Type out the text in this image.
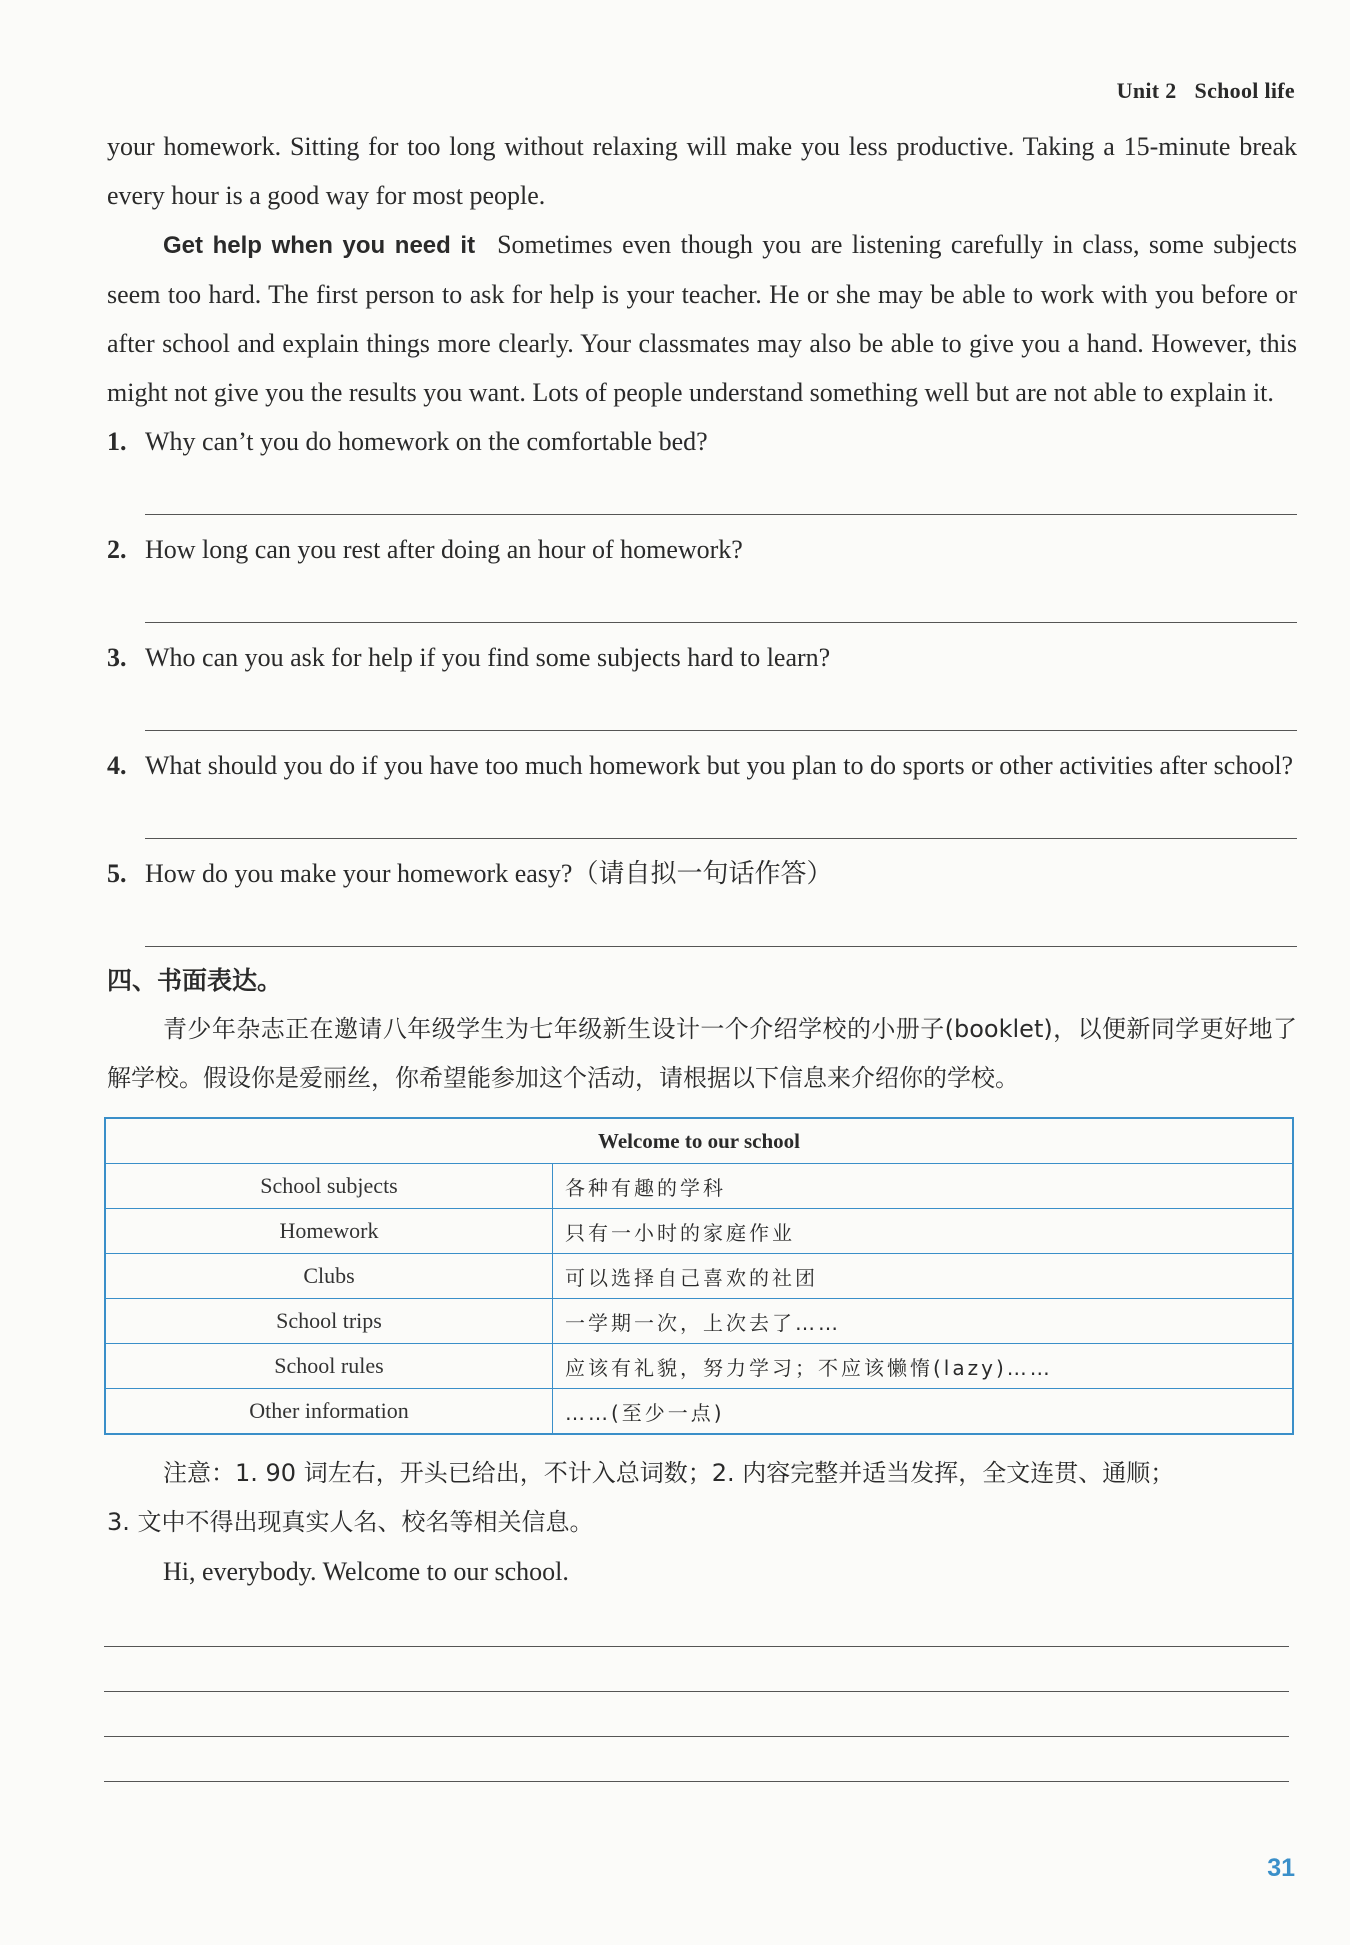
Unit 2 School life

your homework. Sitting for too long without relaxing will make you less productive. Taking a 15-minute break every hour is a good way for most people.

Get help when you need it Sometimes even though you are listening carefully in class, some subjects seem too hard. The first person to ask for help is your teacher. He or she may be able to work with you before or after school and explain things more clearly. Your classmates may also be able to give you a hand. However, this might not give you the results you want. Lots of people understand something well but are not able to explain it.

1. Why can’t you do homework on the comfortable bed?
2. How long can you rest after doing an hour of homework?
3. Who can you ask for help if you find some subjects hard to learn?
4. What should you do if you have too much homework but you plan to do sports or other activities after school?
5. How do you make your homework easy?（请自拟一句话作答）
四、书面表达。

青少年杂志正在邀请八年级学生为七年级新生设计一个介绍学校的小册子(booklet)，以便新同学更好地了解学校。假设你是爱丽丝，你希望能参加这个活动，请根据以下信息来介绍你的学校。

Welcome to our school	
School subjects	各种有趣的学科
Homework	只有一小时的家庭作业
Clubs	可以选择自己喜欢的社团
School trips	一学期一次，上次去了……
School rules	应该有礼貌，努力学习；不应该懒惰(lazy)……
Other information	……(至少一点)
注意：1. 90 词左右，开头已给出，不计入总词数；2. 内容完整并适当发挥，全文连贯、通顺；
3. 文中不得出现真实人名、校名等相关信息。
Hi, everybody. Welcome to our school.
31
